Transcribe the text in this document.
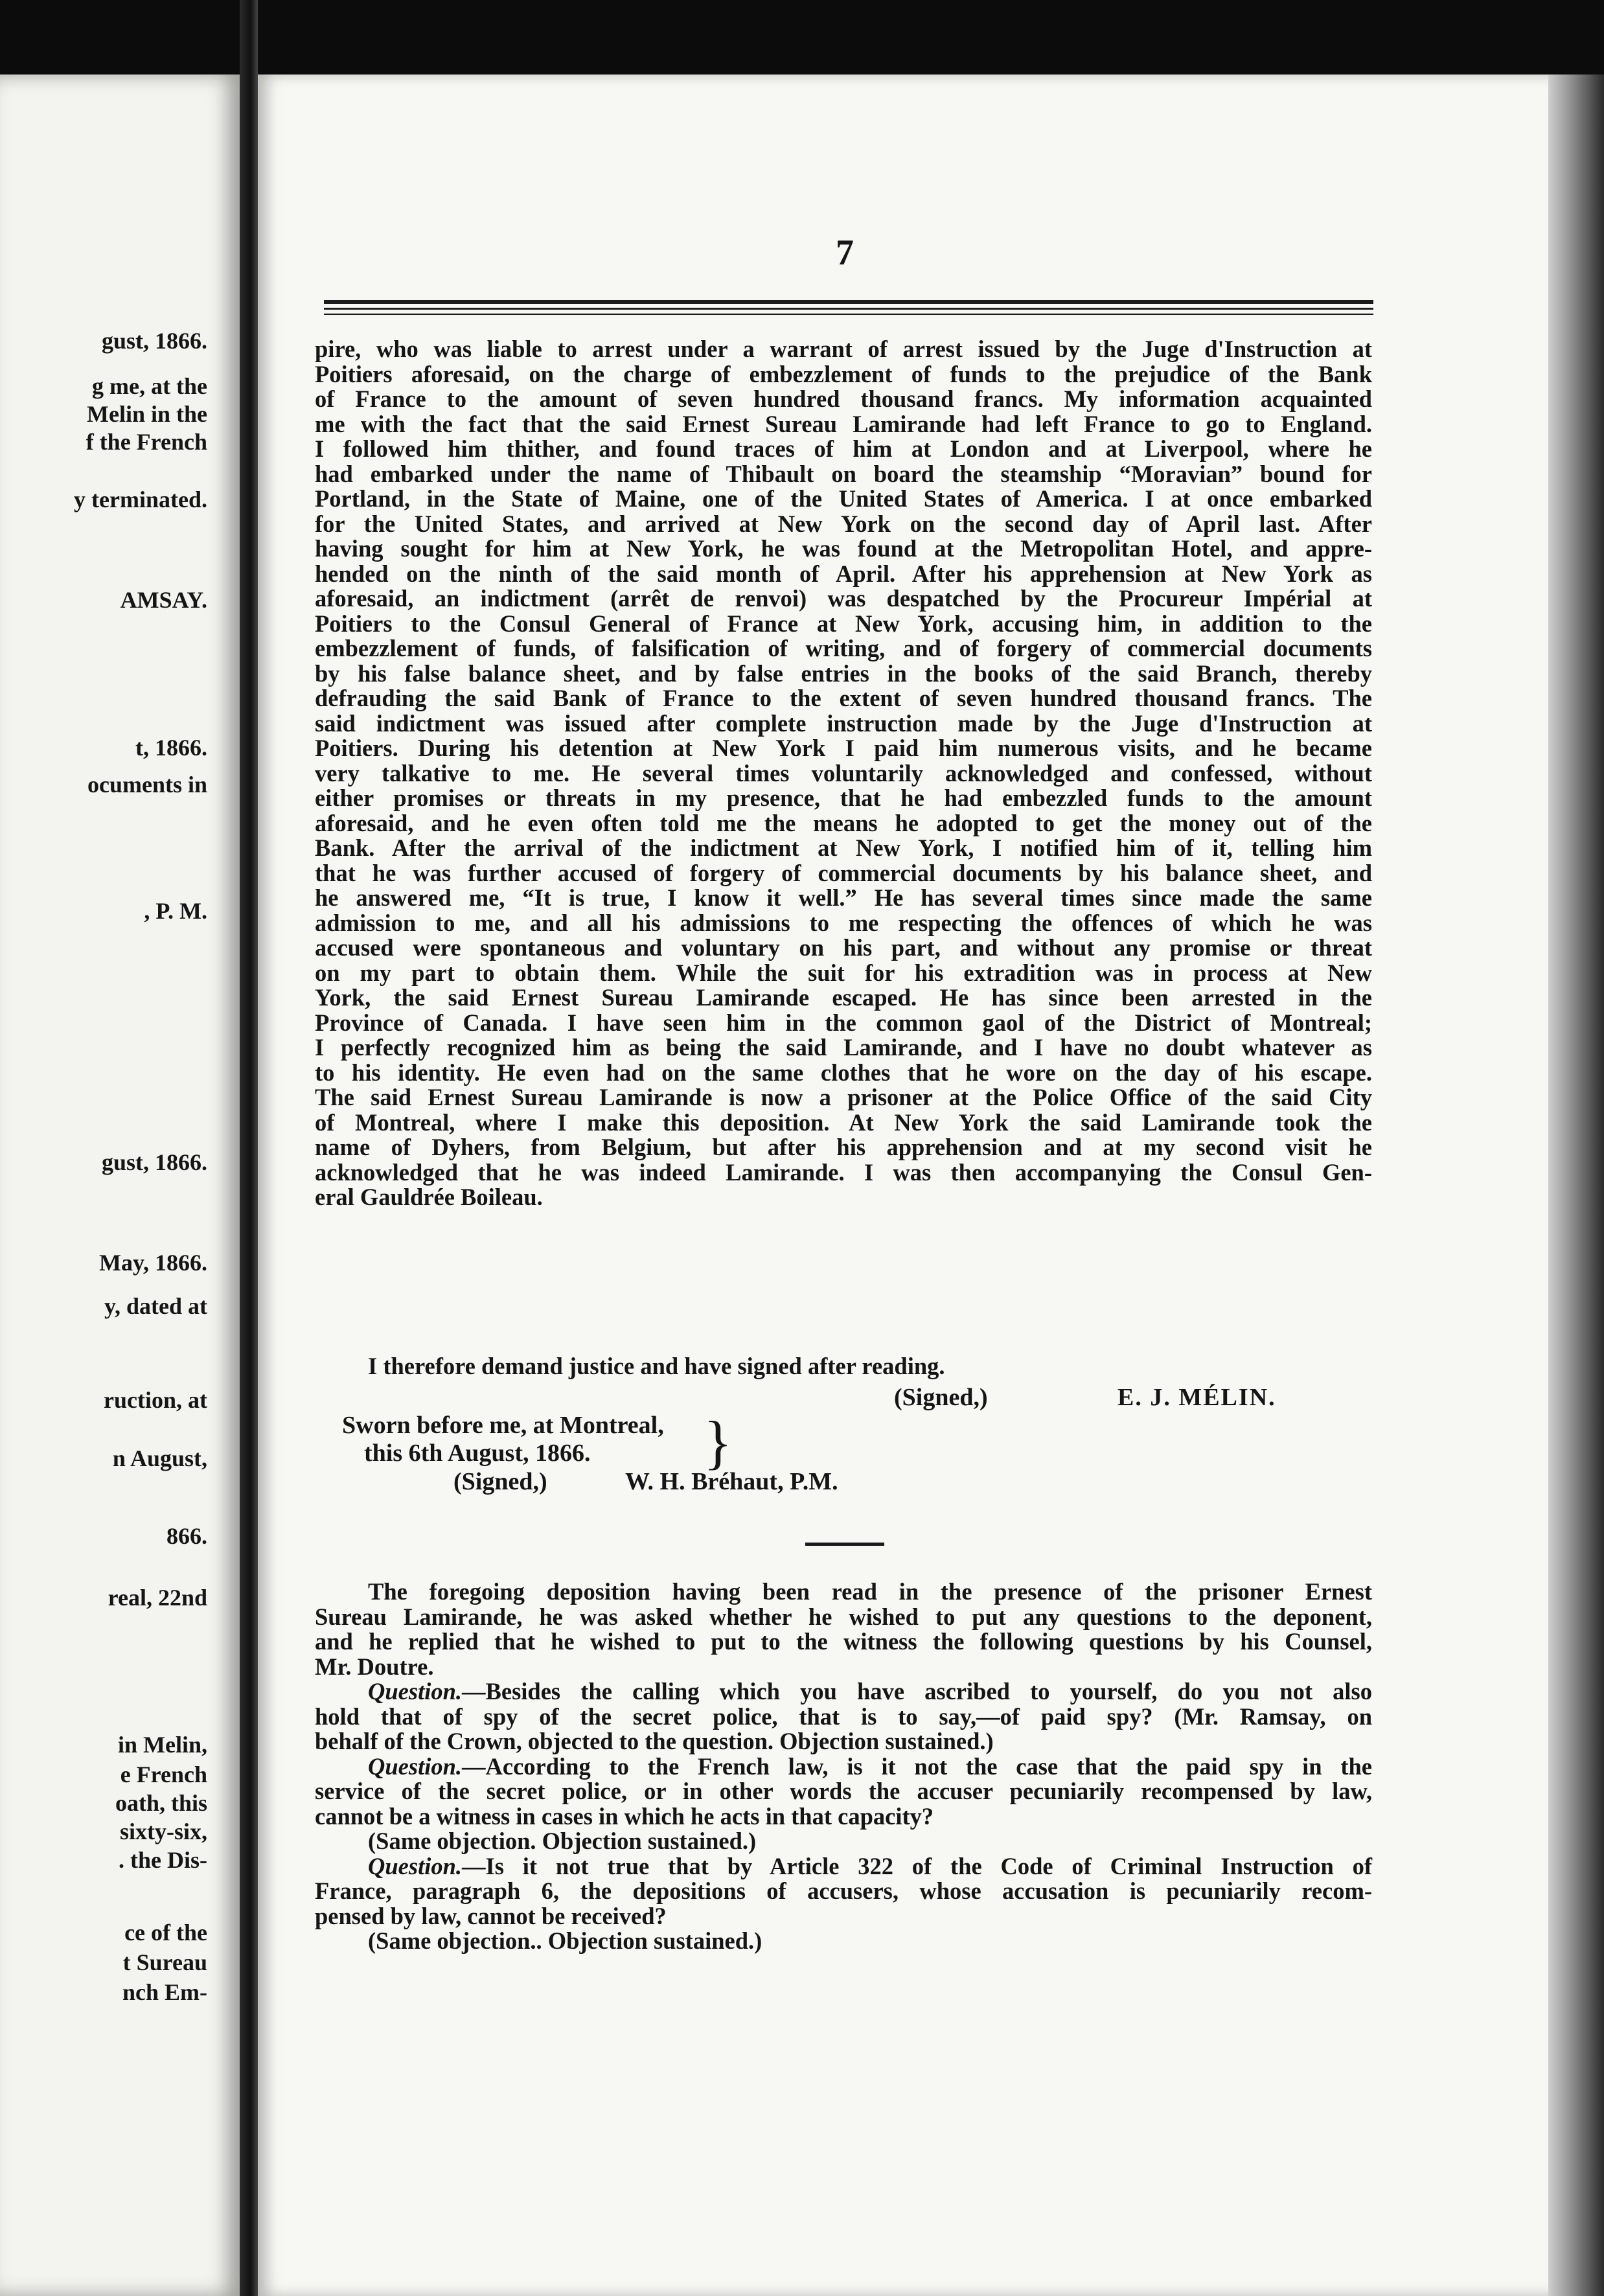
gust, 1866.
g me, at the
Melin in the
f the French
y terminated.
AMSAY.
t, 1866.
ocuments in
, P. M.
gust, 1866.
May, 1866.
y, dated at
ruction, at
n August,
866.
real, 22nd
in Melin,
e French
oath, this
sixty-six,
. the Dis-
ce of the
t Sureau
nch Em-
7
pire, who was liable to arrest under a warrant of arrest issued by the Juge d'Instruction at
Poitiers aforesaid, on the charge of embezzlement of funds to the prejudice of the Bank
of France to the amount of seven hundred thousand francs. My information acquainted
me with the fact that the said Ernest Sureau Lamirande had left France to go to England.
I followed him thither, and found traces of him at London and at Liverpool, where he
had embarked under the name of Thibault on board the steamship “Moravian” bound for
Portland, in the State of Maine, one of the United States of America. I at once embarked
for the United States, and arrived at New York on the second day of April last. After
having sought for him at New York, he was found at the Metropolitan Hotel, and appre-
hended on the ninth of the said month of April. After his apprehension at New York as
aforesaid, an indictment (arrêt de renvoi) was despatched by the Procureur Impérial at
Poitiers to the Consul General of France at New York, accusing him, in addition to the
embezzlement of funds, of falsification of writing, and of forgery of commercial documents
by his false balance sheet, and by false entries in the books of the said Branch, thereby
defrauding the said Bank of France to the extent of seven hundred thousand francs. The
said indictment was issued after complete instruction made by the Juge d'Instruction at
Poitiers. During his detention at New York I paid him numerous visits, and he became
very talkative to me. He several times voluntarily acknowledged and confessed, without
either promises or threats in my presence, that he had embezzled funds to the amount
aforesaid, and he even often told me the means he adopted to get the money out of the
Bank. After the arrival of the indictment at New York, I notified him of it, telling him
that he was further accused of forgery of commercial documents by his balance sheet, and
he answered me, “It is true, I know it well.” He has several times since made the same
admission to me, and all his admissions to me respecting the offences of which he was
accused were spontaneous and voluntary on his part, and without any promise or threat
on my part to obtain them. While the suit for his extradition was in process at New
York, the said Ernest Sureau Lamirande escaped. He has since been arrested in the
Province of Canada. I have seen him in the common gaol of the District of Montreal;
I perfectly recognized him as being the said Lamirande, and I have no doubt whatever as
to his identity. He even had on the same clothes that he wore on the day of his escape.
The said Ernest Sureau Lamirande is now a prisoner at the Police Office of the said City
of Montreal, where I make this deposition. At New York the said Lamirande took the
name of Dyhers, from Belgium, but after his apprehension and at my second visit he
acknowledged that he was indeed Lamirande. I was then accompanying the Consul Gen-
eral Gauldrée Boileau.
(Signed,)	E. J. MÉLIN.
Sworn before me, at Montreal,
this 6th August, 1866. }
(Signed,)	W. H. Bréhaut, P.M.
The foregoing deposition having been read in the presence of the prisoner Ernest
Sureau Lamirande, he was asked whether he wished to put any questions to the deponent,
and he replied that he wished to put to the witness the following questions by his Counsel,
Mr. Doutre.
Question.—Besides the calling which you have ascribed to yourself, do you not also
hold that of spy of the secret police, that is to say,—of paid spy? (Mr. Ramsay, on
behalf of the Crown, objected to the question. Objection sustained.)
Question.—According to the French law, is it not the case that the paid spy in the
service of the secret police, or in other words the accuser pecuniarily recompensed by law,
cannot be a witness in cases in which he acts in that capacity?
(Same objection. Objection sustained.)
Question.—Is it not true that by Article 322 of the Code of Criminal Instruction of
France, paragraph 6, the depositions of accusers, whose accusation is pecuniarily recom-
pensed by law, cannot be received?
(Same objection.. Objection sustained.)
I therefore demand justice and have signed after reading.
